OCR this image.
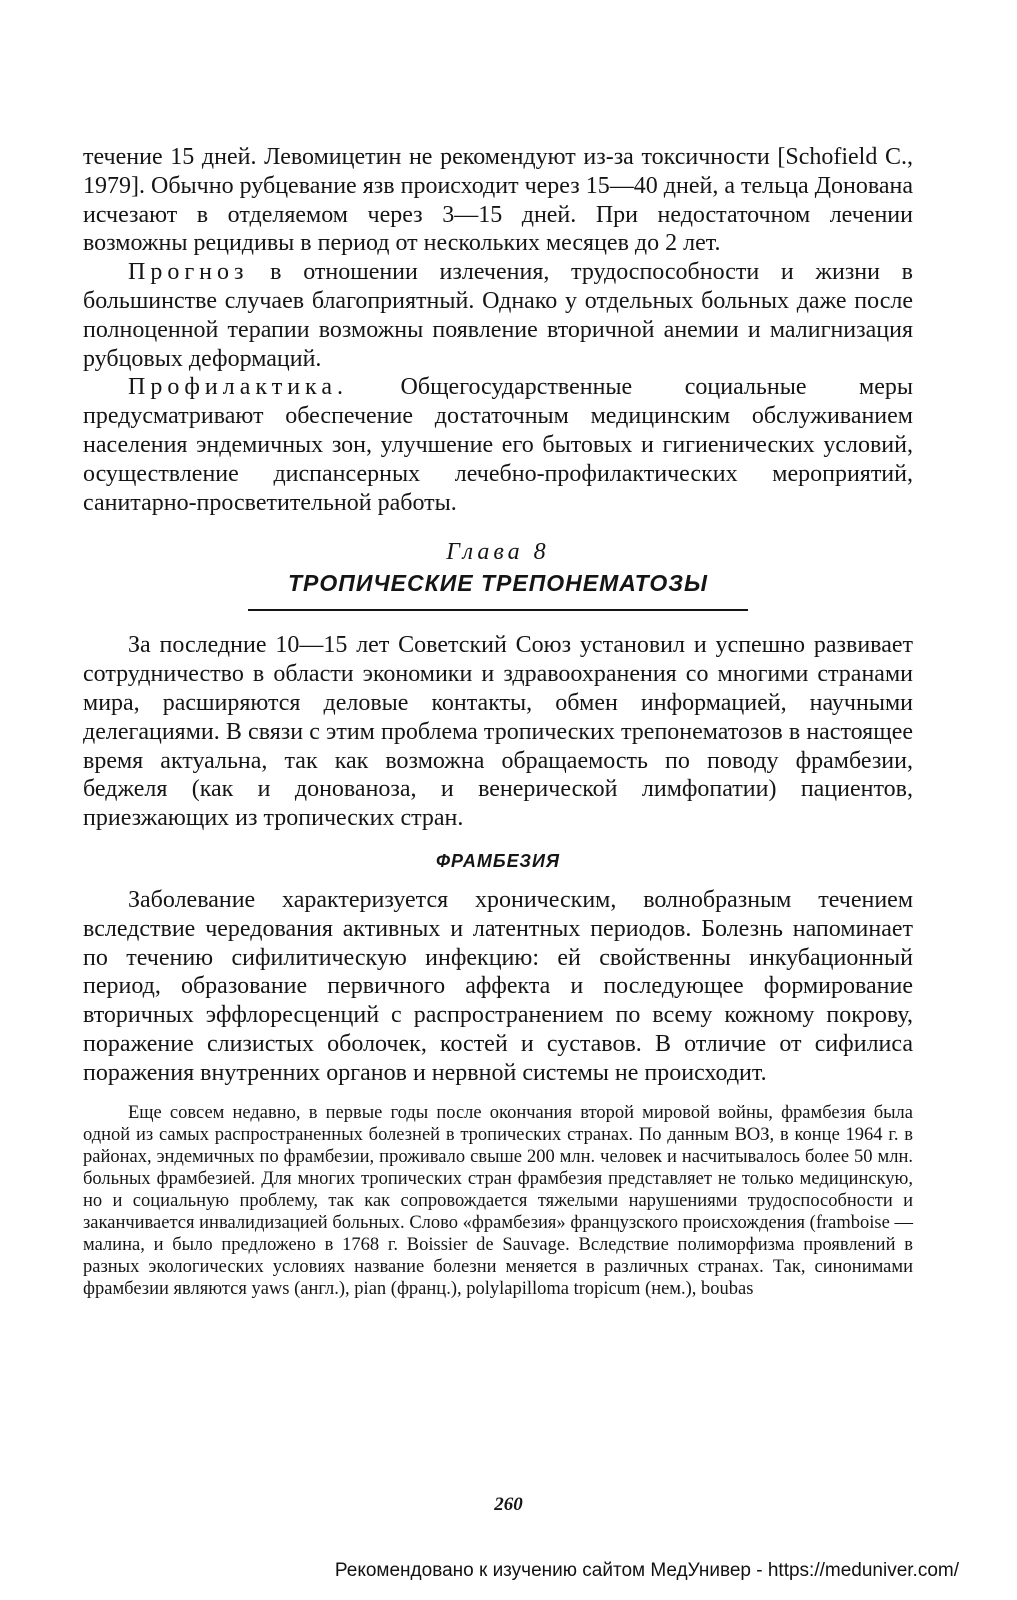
течение 15 дней. Левомицетин не рекомендуют из-за токсичности [Schofield C., 1979]. Обычно рубцевание язв происходит через 15—40 дней, а тельца Донована исчезают в отделяемом через 3—15 дней. При недостаточном лечении возможны рецидивы в период от нескольких месяцев до 2 лет.

Прогноз в отношении излечения, трудоспособности и жизни в большинстве случаев благоприятный. Однако у отдельных больных даже после полноценной терапии возможны появление вторичной анемии и малигнизация рубцовых деформаций.

Профилактика. Общегосударственные социальные меры предусматривают обеспечение достаточным медицинским обслуживанием населения эндемичных зон, улучшение его бытовых и гигиенических условий, осуществление диспансерных лечебно-профилактических мероприятий, санитарно-просветительной работы.

Глава 8
ТРОПИЧЕСКИЕ ТРЕПОНЕМАТОЗЫ

За последние 10—15 лет Советский Союз установил и успешно развивает сотрудничество в области экономики и здравоохранения со многими странами мира, расширяются деловые контакты, обмен информацией, научными делегациями. В связи с этим проблема тропических трепонематозов в настоящее время актуальна, так как возможна обращаемость по поводу фрамбезии, беджеля (как и донованоза, и венерической лимфопатии) пациентов, приезжающих из тропических стран.

ФРАМБЕЗИЯ

Заболевание характеризуется хроническим, волнобразным течением вследствие чередования активных и латентных периодов. Болезнь напоминает по течению сифилитическую инфекцию: ей свойственны инкубационный период, образование первичного аффекта и последующее формирование вторичных эффлоресценций с распространением по всему кожному покрову, поражение слизистых оболочек, костей и суставов. В отличие от сифилиса поражения внутренних органов и нервной системы не происходит.

Еще совсем недавно, в первые годы после окончания второй мировой войны, фрамбезия была одной из самых распространенных болезней в тропических странах. По данным ВОЗ, в конце 1964 г. в районах, эндемичных по фрамбезии, проживало свыше 200 млн. человек и насчитывалось более 50 млн. больных фрамбезией. Для многих тропических стран фрамбезия представляет не только медицинскую, но и социальную проблему, так как сопровождается тяжелыми нарушениями трудоспособности и заканчивается инвалидизацией больных. Слово «фрамбезия» французского происхождения (framboise — малина, и было предложено в 1768 г. Boissier de Sauvage. Вследствие полиморфизма проявлений в разных экологических условиях название болезни меняется в различных странах. Так, синонимами фрамбезии являются yaws (англ.), pian (франц.), polylapilloma tropicum (нем.), boubas

260
Рекомендовано к изучению сайтом МедУнивер - https://meduniver.com/
